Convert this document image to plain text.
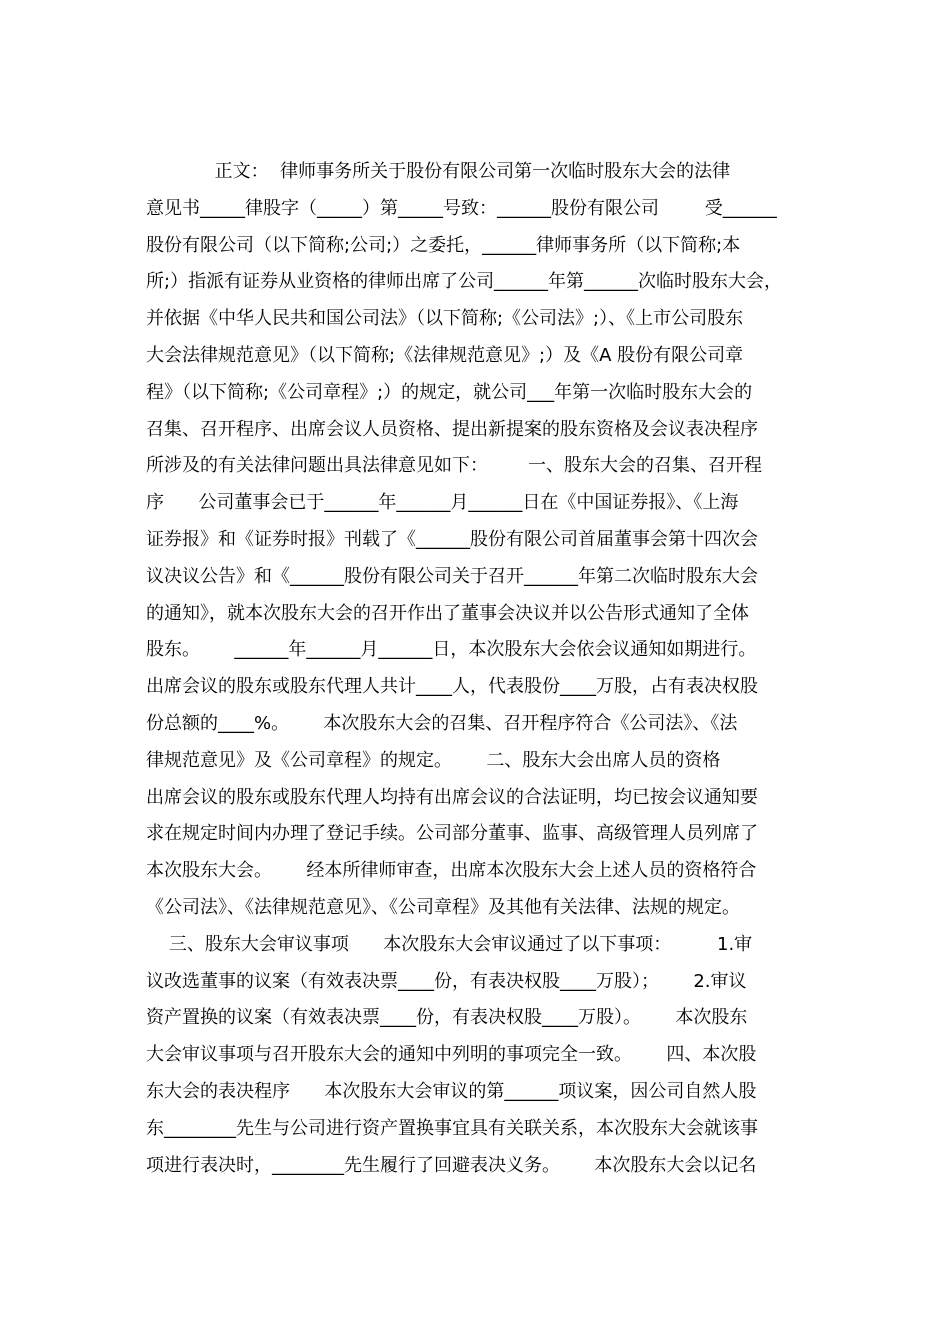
正文：  律师事务所关于股份有限公司第一次临时股东大会的法律
意见书_____律股字（_____）第_____号致：______股份有限公司        受______
股份有限公司（以下简称;公司;）之委托，______律师事务所（以下简称;本
所;）指派有证券从业资格的律师出席了公司______年第______次临时股东大会，
并依据《中华人民共和国公司法》（以下简称;《公司法》;）、《上市公司股东
大会法律规范意见》（以下简称;《法律规范意见》;）及《A 股份有限公司章
程》（以下简称;《公司章程》;）的规定，就公司___年第一次临时股东大会的
召集、召开程序、出席会议人员资格、提出新提案的股东资格及会议表决程序
所涉及的有关法律问题出具法律意见如下：       一、股东大会的召集、召开程
序      公司董事会已于______年______月______日在《中国证券报》、《上海
证券报》和《证券时报》刊载了《______股份有限公司首届董事会第十四次会
议决议公告》和《______股份有限公司关于召开______年第二次临时股东大会
的通知》，就本次股东大会的召开作出了董事会决议并以公告形式通知了全体
股东。      ______年______月______日，本次股东大会依会议通知如期进行。
出席会议的股东或股东代理人共计____人，代表股份____万股，占有表决权股
份总额的____%。      本次股东大会的召集、召开程序符合《公司法》、《法
律规范意见》及《公司章程》的规定。      二、股东大会出席人员的资格
出席会议的股东或股东代理人均持有出席会议的合法证明，均已按会议通知要
求在规定时间内办理了登记手续。公司部分董事、监事、高级管理人员列席了
本次股东大会。      经本所律师审查，出席本次股东大会上述人员的资格符合
《公司法》、《法律规范意见》、《公司章程》及其他有关法律、法规的规定。
三、股东大会审议事项      本次股东大会审议通过了以下事项：        1.审
议改选董事的议案（有效表决票____份，有表决权股____万股）；      2.审议
资产置换的议案（有效表决票____份，有表决权股____万股）。      本次股东
大会审议事项与召开股东大会的通知中列明的事项完全一致。      四、本次股
东大会的表决程序      本次股东大会审议的第______项议案，因公司自然人股
东________先生与公司进行资产置换事宜具有关联关系，本次股东大会就该事
项进行表决时，________先生履行了回避表决义务。      本次股东大会以记名
